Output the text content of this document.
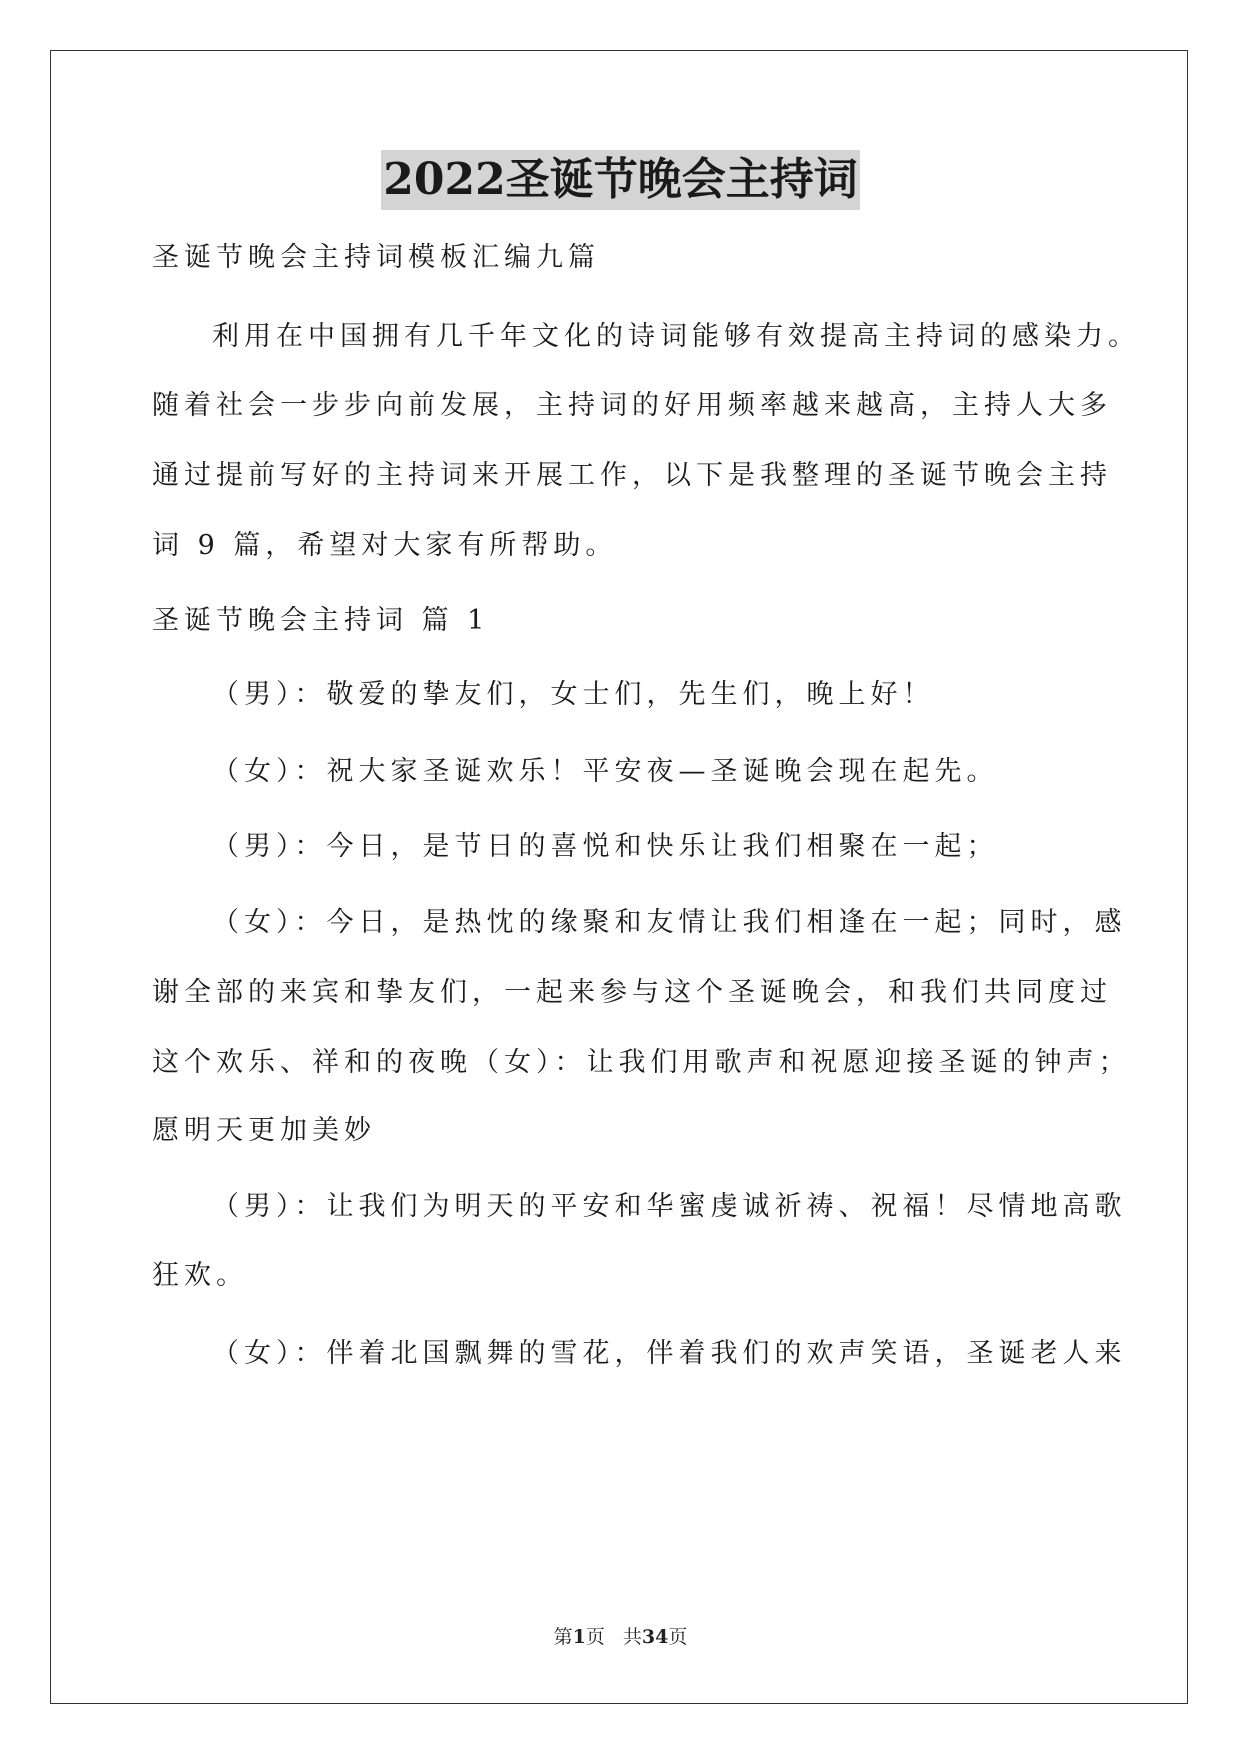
2022圣诞节晚会主持词
圣诞节晚会主持词模板汇编九篇
利用在中国拥有几千年文化的诗词能够有效提高主持词的感染力。
随着社会一步步向前发展，主持词的好用频率越来越高，主持人大多
通过提前写好的主持词来开展工作，以下是我整理的圣诞节晚会主持
词 9 篇，希望对大家有所帮助。
圣诞节晚会主持词 篇 1
（男）：敬爱的挚友们，女士们，先生们，晚上好！
（女）：祝大家圣诞欢乐！平安夜—圣诞晚会现在起先。
（男）：今日，是节日的喜悦和快乐让我们相聚在一起；
（女）：今日，是热忱的缘聚和友情让我们相逢在一起；同时，感
谢全部的来宾和挚友们，一起来参与这个圣诞晚会，和我们共同度过
这个欢乐、祥和的夜晚（女）：让我们用歌声和祝愿迎接圣诞的钟声；
愿明天更加美妙
（男）：让我们为明天的平安和华蜜虔诚祈祷、祝福！尽情地高歌
狂欢。
（女）：伴着北国飘舞的雪花，伴着我们的欢声笑语，圣诞老人来
第1页 共34页
